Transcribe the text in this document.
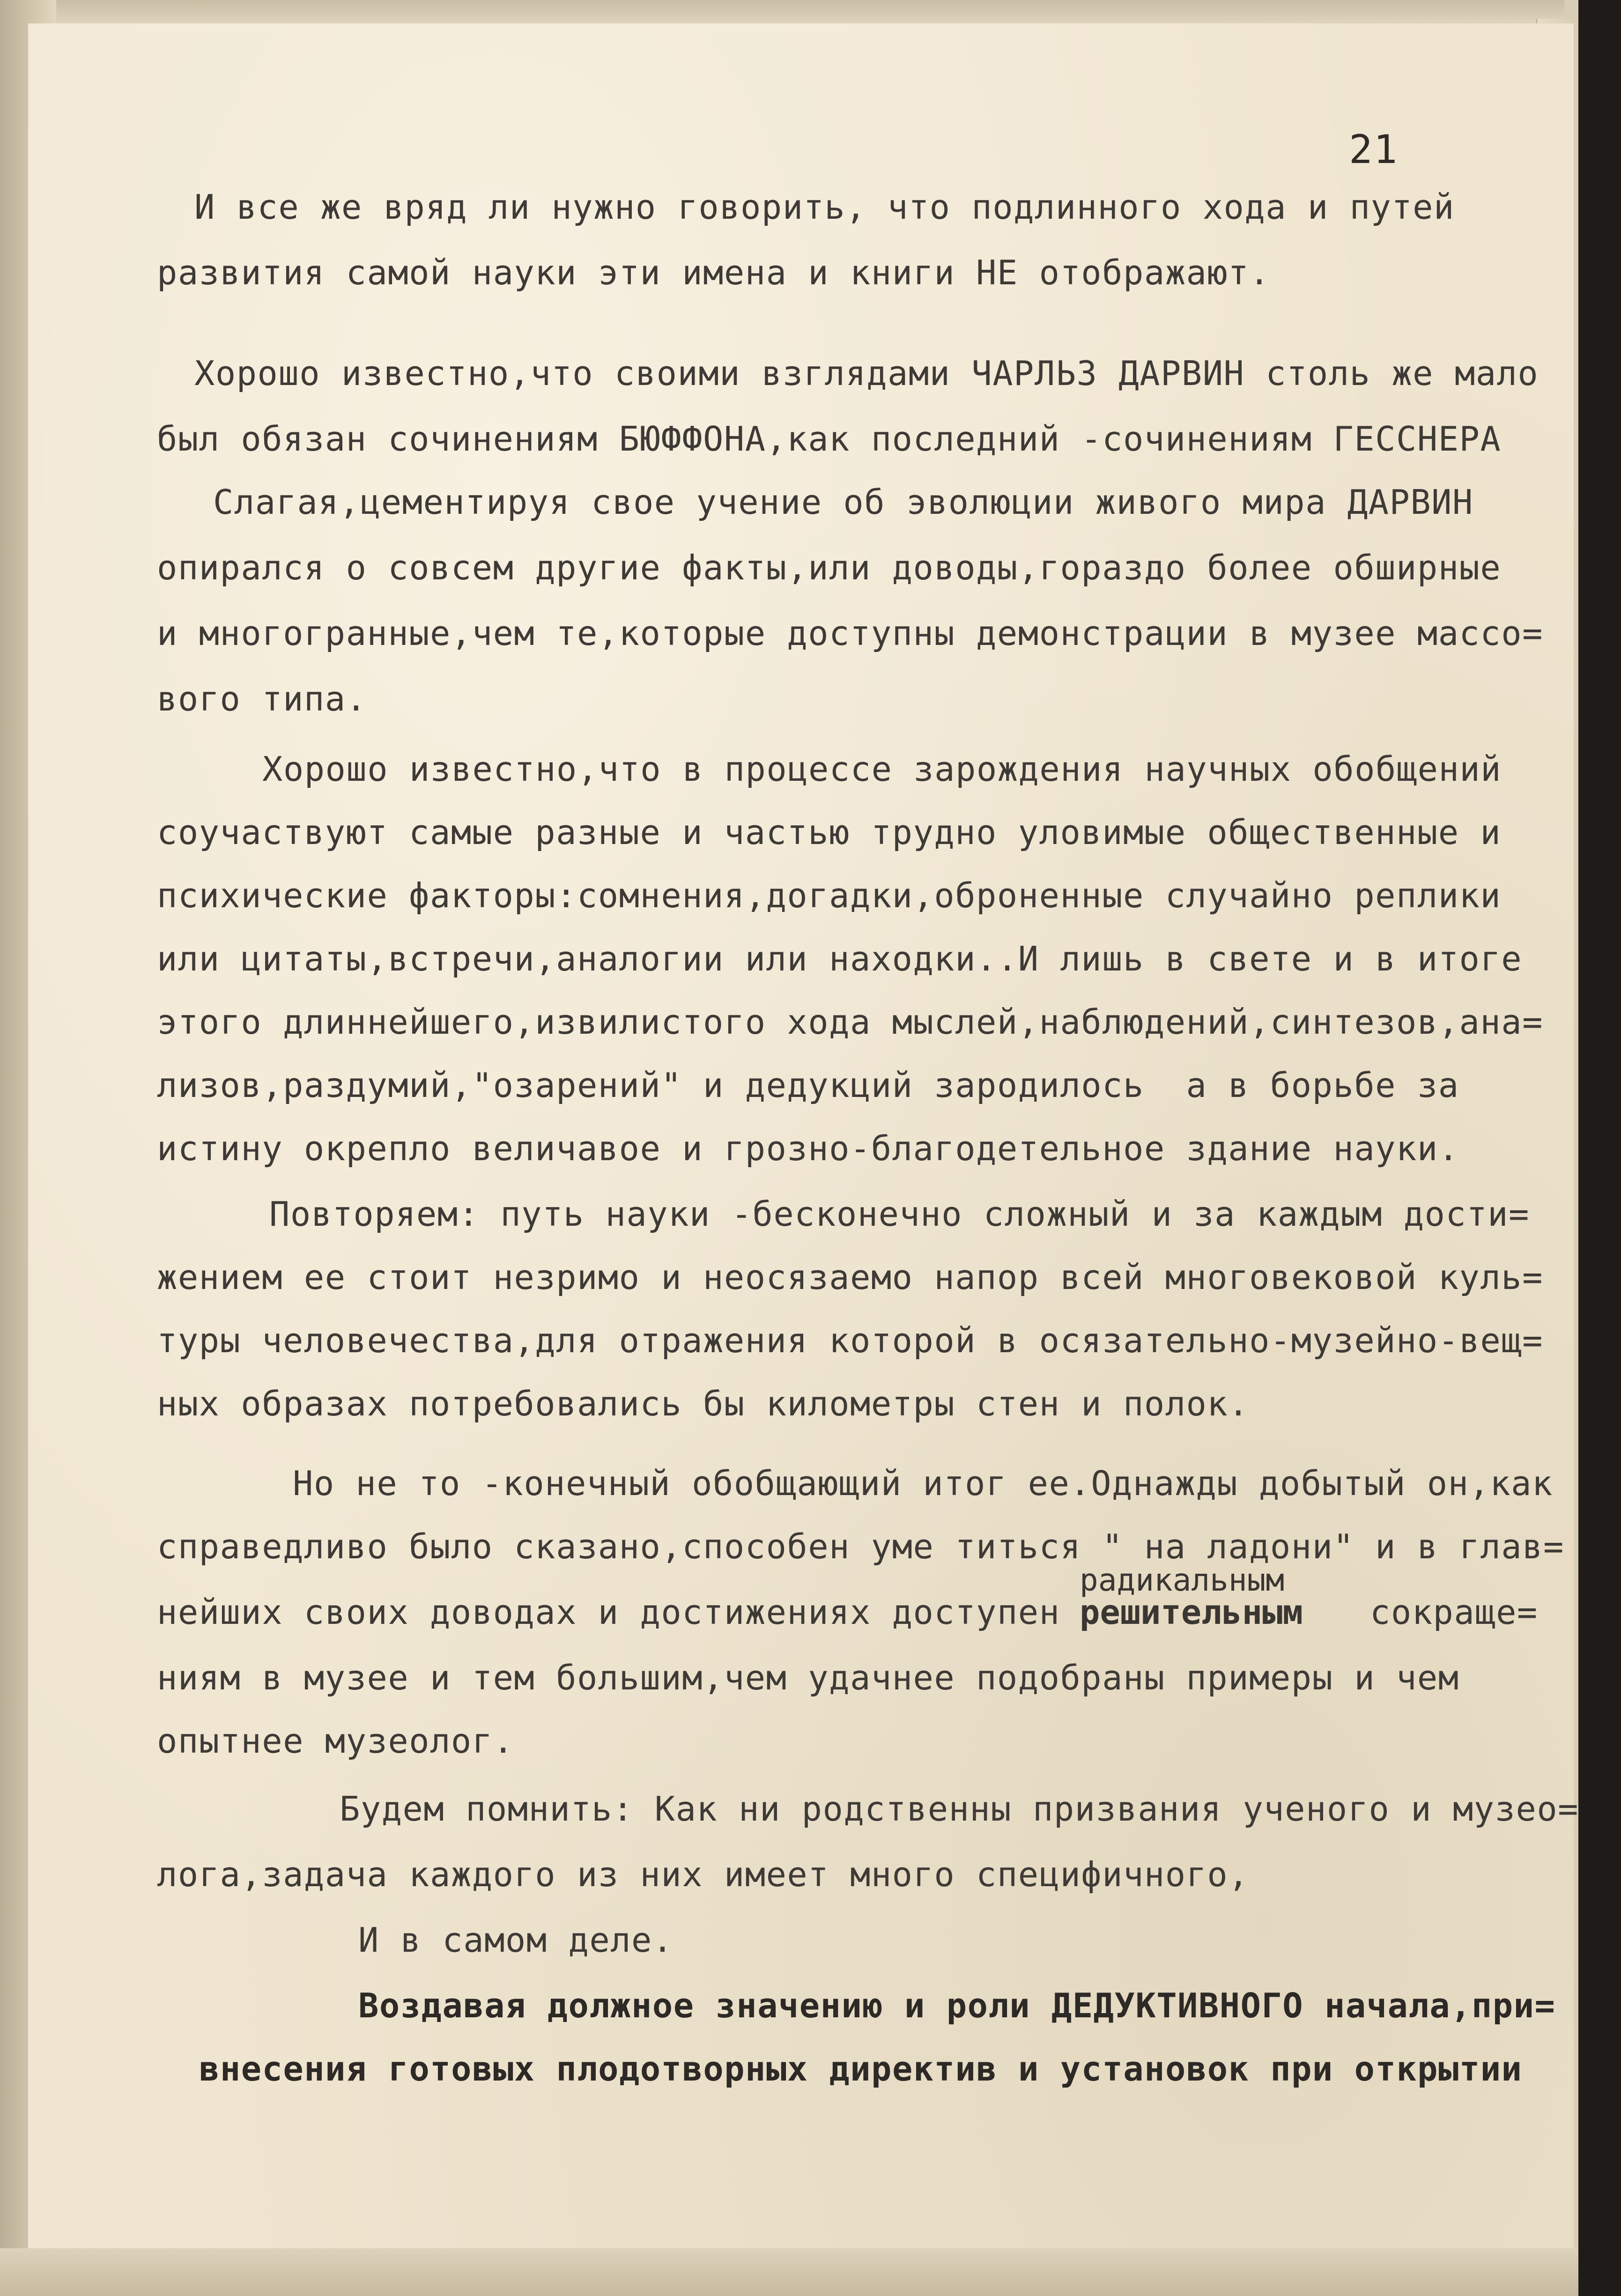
21
И все же вряд ли нужно говорить, что подлинного хода и путей
развития самой науки эти имена и книги НЕ отображают.
Хорошо известно,что своими взглядами ЧАРЛЬЗ ДАРВИН столь же мало
был обязан сочинениям БЮФФОНА,как последний -сочинениям ГЕССНЕРА
Слагая,цементируя свое учение об эволюции живого мира ДАРВИН
опирался о совсем другие факты,или доводы,гораздо более обширные
и многогранные,чем те,которые доступны демонстрации в музее массо=
вого типа.
Хорошо известно,что в процессе зарождения научных обобщений
соучаствуют самые разные и частью трудно уловимые общественные и
психические факторы:сомнения,догадки,оброненные случайно реплики
или цитаты,встречи,аналогии или находки..И лишь в свете и в итоге
этого длиннейшего,извилистого хода мыслей,наблюдений,синтезов,ана=
лизов,раздумий,"озарений" и дедукций зародилось  а в борьбе за
истину окрепло величавое и грозно-благодетельное здание науки.
Повторяем: путь науки -бесконечно сложный и за каждым дости=
жением ее стоит незримо и неосязаемо напор всей многовековой куль=
туры человечества,для отражения которой в осязательно-музейно-вещ=
ных образах потребовались бы километры стен и полок.
Но не то -конечный обобщающий итог ее.Однажды добытый он,как
справедливо было сказано,способен уме титься " на ладони" и в глав=
радикальным
нейших своих доводах и достижениях доступен решительным сокраще=
ниям в музее и тем большим,чем удачнее подобраны примеры и чем
опытнее музеолог.
Будем помнить: Как ни родственны призвания ученого и музео=
лога,задача каждого из них имеет много специфичного,
И в самом деле.
Воздавая должное значению и роли ДЕДУКТИВНОГО начала,при=
внесения готовых плодотворных директив и установок при открытии
